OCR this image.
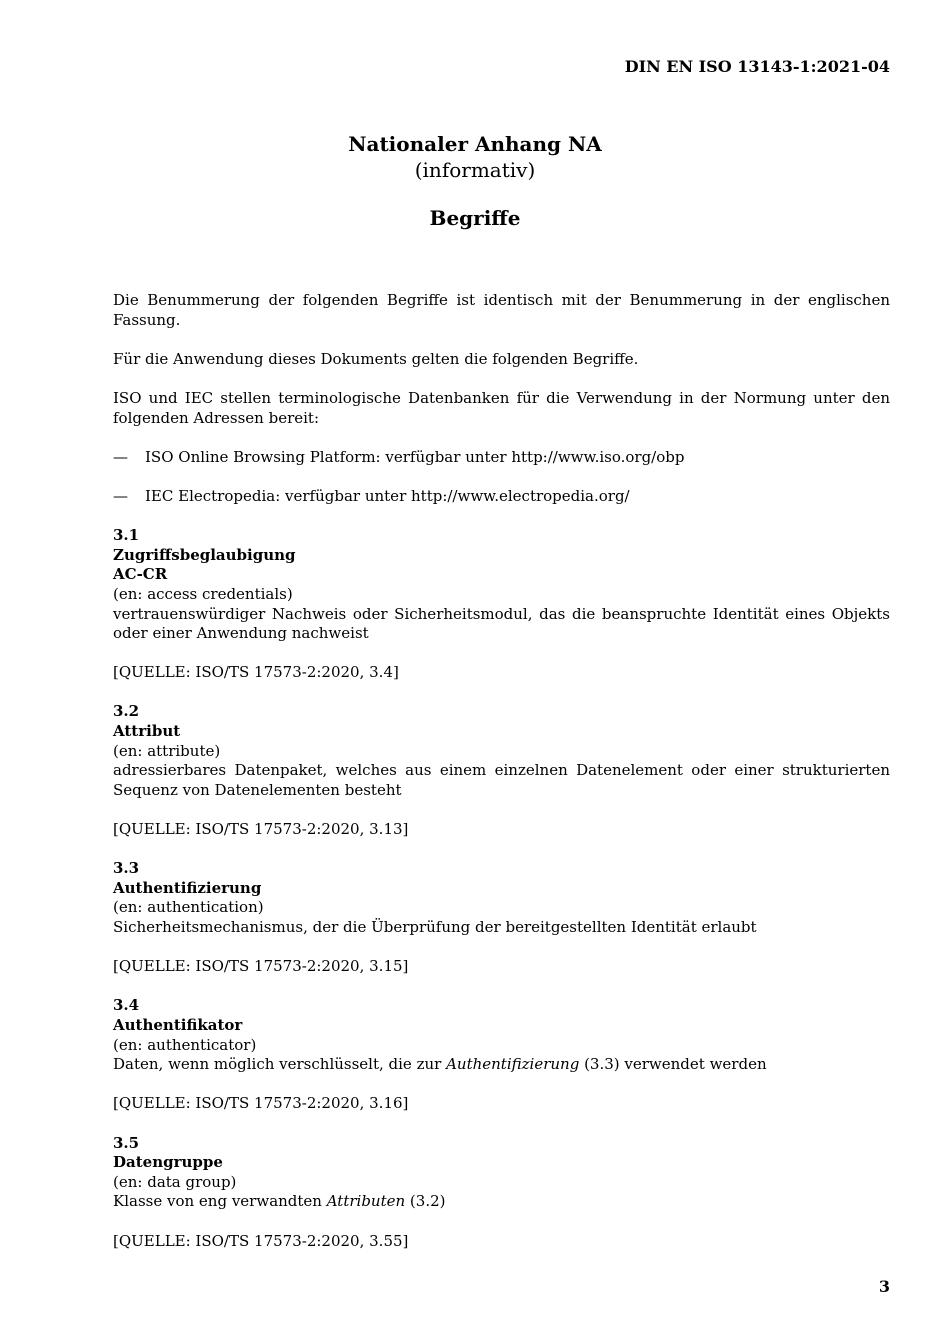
DIN EN ISO 13143-1:2021-04
Nationaler Anhang NA
(informativ)
Begriffe

Die Benummerung der folgenden Begriffe ist identisch mit der Benummerung in der englischen Fassung.

Für die Anwendung dieses Dokuments gelten die folgenden Begriffe.

ISO und IEC stellen terminologische Datenbanken für die Verwendung in der Normung unter den folgenden Adressen bereit:

—	ISO Online Browsing Platform: verfügbar unter http://www.iso.org/obp
—	IEC Electropedia: verfügbar unter http://www.electropedia.org/
3.1
Zugriffsbeglaubigung
AC-CR
(en: access credentials)
vertrauenswürdiger Nachweis oder Sicherheitsmodul, das die beanspruchte Identität eines Objekts oder einer Anwendung nachweist

[QUELLE: ISO/TS 17573-2:2020, 3.4]

3.2
Attribut
(en: attribute)
adressierbares Datenpaket, welches aus einem einzelnen Datenelement oder einer strukturierten Sequenz von Datenelementen besteht

[QUELLE: ISO/TS 17573-2:2020, 3.13]

3.3
Authentifizierung
(en: authentication)
Sicherheitsmechanismus, der die Überprüfung der bereitgestellten Identität erlaubt

[QUELLE: ISO/TS 17573-2:2020, 3.15]

3.4
Authentifikator
(en: authenticator)
Daten, wenn möglich verschlüsselt, die zur Authentifizierung (3.3) verwendet werden

[QUELLE: ISO/TS 17573-2:2020, 3.16]

3.5
Datengruppe
(en: data group)
Klasse von eng verwandten Attributen (3.2)

[QUELLE: ISO/TS 17573-2:2020, 3.55]

3
